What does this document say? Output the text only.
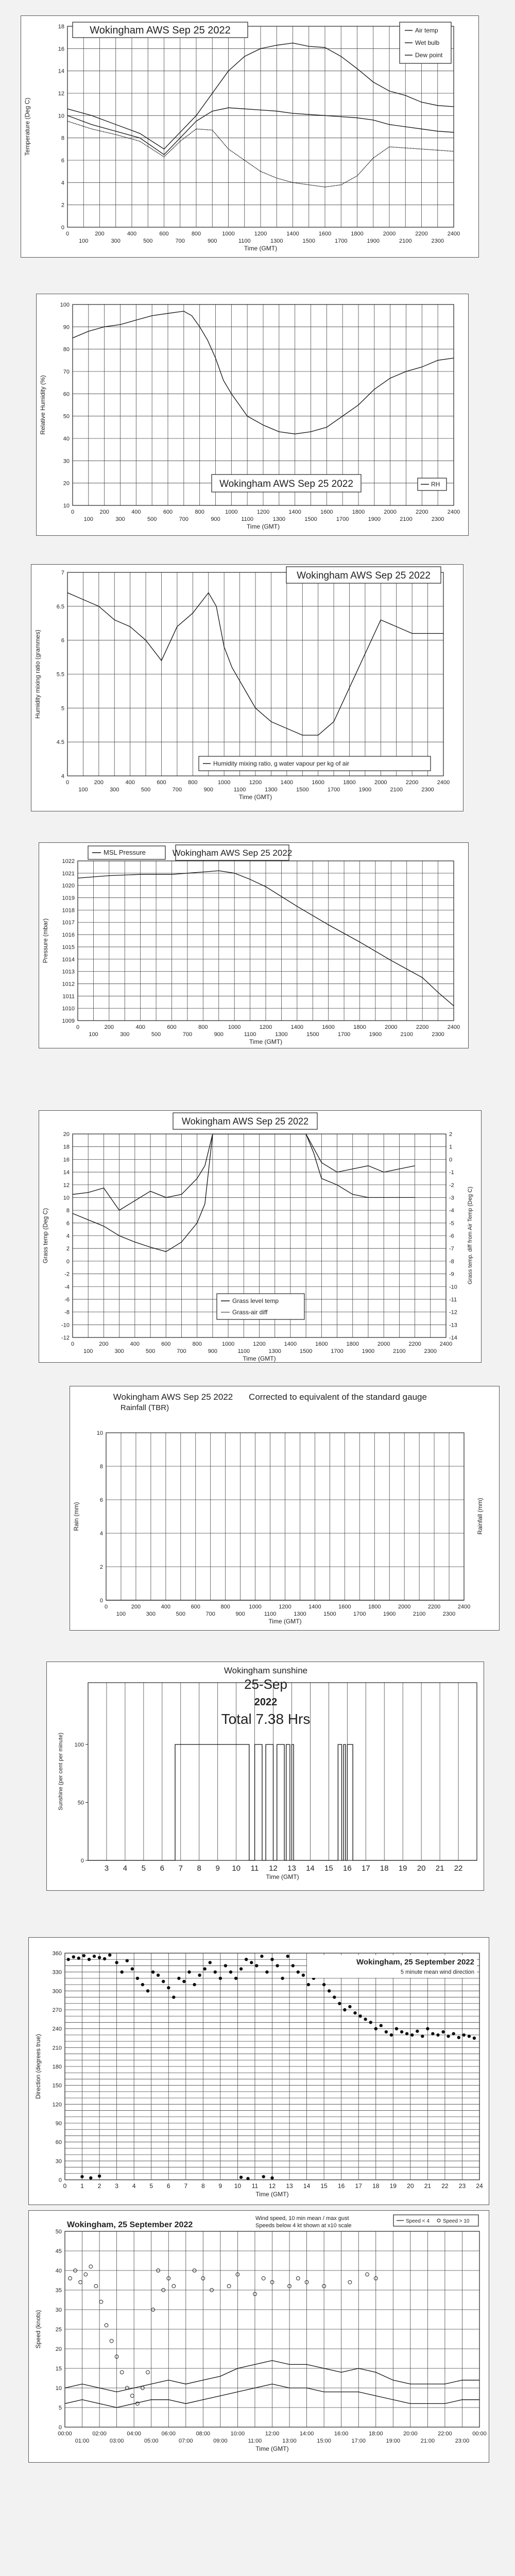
0
2
4
6
8
10
12
14
16
18
0	200	400	600	800	1000	1200	1400	1600	1800	2000	2200	2400
100	300	500	700	900	1100	1300	1500	1700	1900	2100	2300
Time (GMT)
Temperature (Deg C)
Wokingham AWS Sep 25 2022	Air temp
Wet bulb
Dew point
10
20
30
40
50
60
70
80
90
100
0	200	400	600	800	1000	1200	1400	1600	1800	2000	2200	2400
100	300	500	700	900	1100	1300	1500	1700	1900	2100	2300
Time (GMT)
Relative Humidity (%)
Wokingham AWS Sep 25 2022	RH
4
4.5
5
5.5
6
6.5
7
0	200	400	600	800	1000	1200	1400	1600	1800	2000	2200	2400
100	300	500	700	900	1100	1300	1500	1700	1900	2100	2300
Time (GMT)
Humidity mixing ratio (grammes)
Wokingham AWS Sep 25 2022
Humidity mixing ratio, g water vapour per kg of air
1009
1010
1011
1012
1013
1014
1015
1016
1017
1018
1019
1020
1021
1022
0	200	400	600	800	1000	1200	1400	1600	1800	2000	2200	2400
100	300	500	700	900	1100	1300	1500	1700	1900	2100	2300
Time (GMT)
Pressure (mbar)
Wokingham AWS Sep 25 2022
MSL Pressure
-12
-10
-8
-6
-4
-2
0
2
4
6
8
10
12
14
16
18
20
0	200	400	600	800	1000	1200	1400	1600	1800	2000	2200	2400
100	300	500	700	900	1100	1300	1500	1700	1900	2100	2300
Time (GMT)
Grass temp (Deg C)
-14
-13
-12
-11
-10
-9
-8
-7
-6
-5
-4
-3
-2
-1
0
1
2
Grass temp. diff from Air Temp (Deg C)
Wokingham AWS Sep 25 2022
Grass level temp
Grass-air diff
0
2
4
6
8
10
0	200	400	600	800	1000	1200	1400	1600	1800	2000	2200	2400
100	300	500	700	900	1100	1300	1500	1700	1900	2100	2300
Time (GMT)
Rain (mm)
Wokingham AWS Sep 25 2022
Rainfall (TBR)
Corrected to equivalent of the standard gauge
Rainfall (mm)
0
50
100
3 4 5 6 7 8 9 10 11 12 13 14 15 16 17 18 19 20 21 22
Time (GMT)
Sunshine (per cent per minute)
Wokingham sunshine
25-Sep
2022
Total 7.38 Hrs
0
30
60
90
120
150
180
210
240
270
300
330
360
0 1 2 3 4 5 6 7 8 9 10 11 12 13 14 15 16 17 18 19 20 21 22 23 24
Wokingham, 25 September 2022
5 minute mean wind direction
Time (GMT)
Direction (degrees true)
0
5
10
15
20
25
30
35
40
45
50
00:00	02:00	04:00	06:00	08:00	10:00	12:00	14:00	16:00	18:00	20:00	22:00	00:00
01:00	03:00	05:00	07:00	09:00	11:00	13:00	15:00	17:00	19:00	21:00	23:00
Wokingham, 25 September 2022
Wind speed, 10 min mean / max gust
Speeds below 4 kt shown at x10 scale
Speed < 4	Speed > 10
Time (GMT)
Speed (knots)
